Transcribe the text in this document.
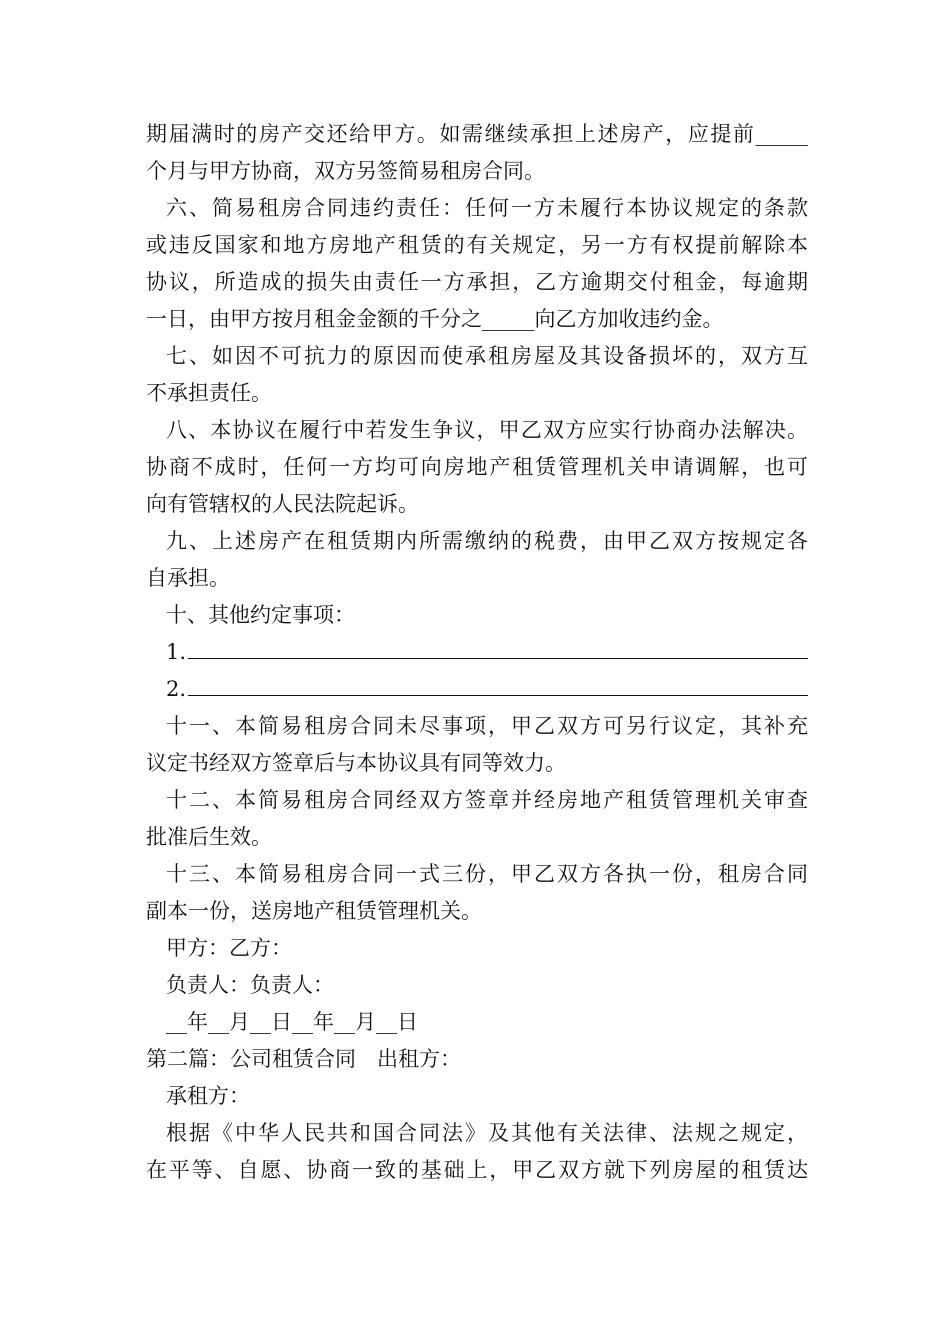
期届满时的房产交还给甲方。如需继续承担上述房产，应提前_____
个月与甲方协商，双方另签简易租房合同。
六、简易租房合同违约责任：任何一方未履行本协议规定的条款
或违反国家和地方房地产租赁的有关规定，另一方有权提前解除本
协议，所造成的损失由责任一方承担，乙方逾期交付租金，每逾期
一日，由甲方按月租金金额的千分之_____向乙方加收违约金。
七、如因不可抗力的原因而使承租房屋及其设备损坏的，双方互
不承担责任。
八、本协议在履行中若发生争议，甲乙双方应实行协商办法解决。
协商不成时，任何一方均可向房地产租赁管理机关申请调解，也可
向有管辖权的人民法院起诉。
九、上述房产在租赁期内所需缴纳的税费，由甲乙双方按规定各
自承担。
十、其他约定事项：
1.
2.
十一、本简易租房合同未尽事项，甲乙双方可另行议定，其补充
议定书经双方签章后与本协议具有同等效力。
十二、本简易租房合同经双方签章并经房地产租赁管理机关审查
批准后生效。
十三、本简易租房合同一式三份，甲乙双方各执一份，租房合同
副本一份，送房地产租赁管理机关。
甲方：乙方：
负责人：负责人：
__年__月__日__年__月__日
第二篇：公司租赁合同　出租方：
承租方：
根据《中华人民共和国合同法》及其他有关法律、法规之规定，
在平等、自愿、协商一致的基础上，甲乙双方就下列房屋的租赁达
